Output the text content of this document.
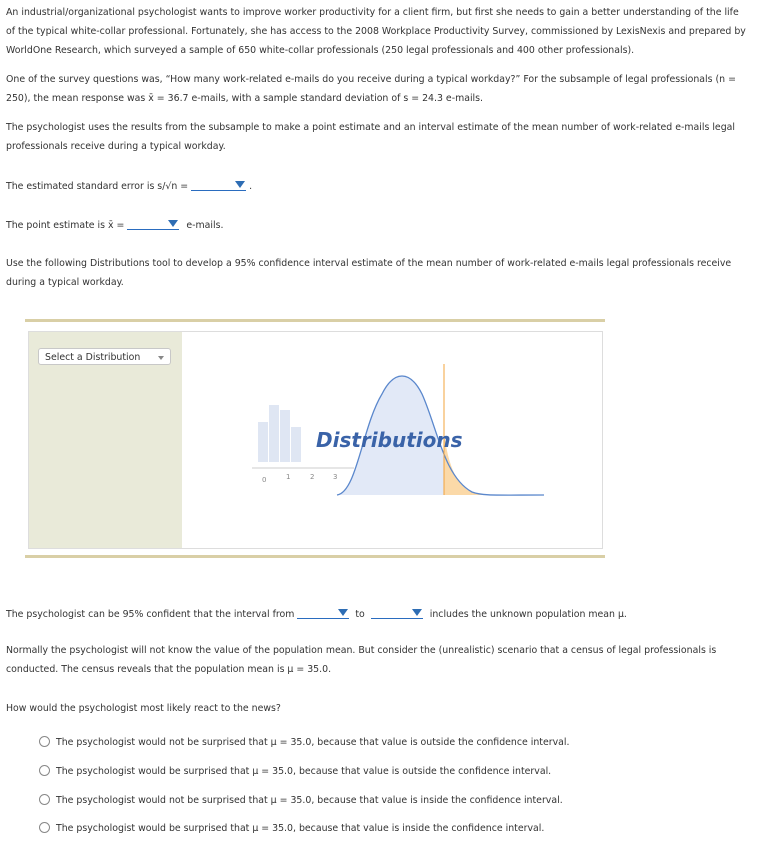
An industrial/organizational psychologist wants to improve worker productivity for a client firm, but first she needs to gain a better understanding of the life of the typical white-collar professional. Fortunately, she has access to the 2008 Workplace Productivity Survey, commissioned by LexisNexis and prepared by WorldOne Research, which surveyed a sample of 650 white-collar professionals (250 legal professionals and 400 other professionals).

One of the survey questions was, “How many work-related e-mails do you receive during a typical workday?” For the subsample of legal professionals (n = 250), the mean response was x̄ = 36.7 e-mails, with a sample standard deviation of s = 24.3 e-mails.

The psychologist uses the results from the subsample to make a point estimate and an interval estimate of the mean number of work-related e-mails legal professionals receive during a typical workday.

The estimated standard error is s/√n =	.
The point estimate is x̄ =	e-mails.

Use the following Distributions tool to develop a 95% confidence interval estimate of the mean number of work-related e-mails legal professionals receive during a typical workday.

Select a Distribution
0	1	2	3
Distributions
The psychologist can be 95% confident that the interval from	to	includes the unknown population mean μ.

Normally the psychologist will not know the value of the population mean. But consider the (unrealistic) scenario that a census of legal professionals is conducted. The census reveals that the population mean is μ = 35.0.

How would the psychologist most likely react to the news?
The psychologist would not be surprised that μ = 35.0, because that value is outside the confidence interval.
The psychologist would be surprised that μ = 35.0, because that value is outside the confidence interval.
The psychologist would not be surprised that μ = 35.0, because that value is inside the confidence interval.
The psychologist would be surprised that μ = 35.0, because that value is inside the confidence interval.
